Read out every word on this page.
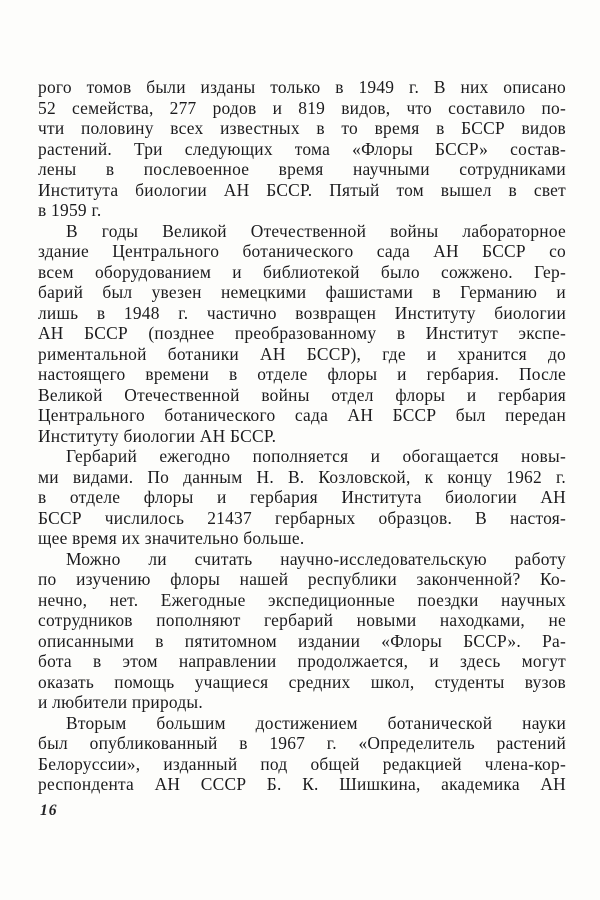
рого томов были изданы только в 1949 г. В них описано
52 семейства, 277 родов и 819 видов, что составило по-
чти половину всех известных в то время в БССР видов
растений. Три следующих тома «Флоры БССР» состав-
лены в послевоенное время научными сотрудниками
Института биологии АН БССР. Пятый том вышел в свет
в 1959 г.
В годы Великой Отечественной войны лабораторное
здание Центрального ботанического сада АН БССР со
всем оборудованием и библиотекой было сожжено. Гер-
барий был увезен немецкими фашистами в Германию и
лишь в 1948 г. частично возвращен Институту биологии
АН БССР (позднее преобразованному в Институт экспе-
риментальной ботаники АН БССР), где и хранится до
настоящего времени в отделе флоры и гербария. После
Великой Отечественной войны отдел флоры и гербария
Центрального ботанического сада АН БССР был передан
Институту биологии АН БССР.
Гербарий ежегодно пополняется и обогащается новы-
ми видами. По данным Н. В. Козловской, к концу 1962 г.
в отделе флоры и гербария Института биологии АН
БССР числилось 21437 гербарных образцов. В настоя-
щее время их значительно больше.
Можно ли считать научно-исследовательскую работу
по изучению флоры нашей республики законченной? Ко-
нечно, нет. Ежегодные экспедиционные поездки научных
сотрудников пополняют гербарий новыми находками, не
описанными в пятитомном издании «Флоры БССР». Ра-
бота в этом направлении продолжается, и здесь могут
оказать помощь учащиеся средних школ, студенты вузов
и любители природы.
Вторым большим достижением ботанической науки
был опубликованный в 1967 г. «Определитель растений
Белоруссии», изданный под общей редакцией члена-кор-
респондента АН СССР Б. К. Шишкина, академика АН
16
